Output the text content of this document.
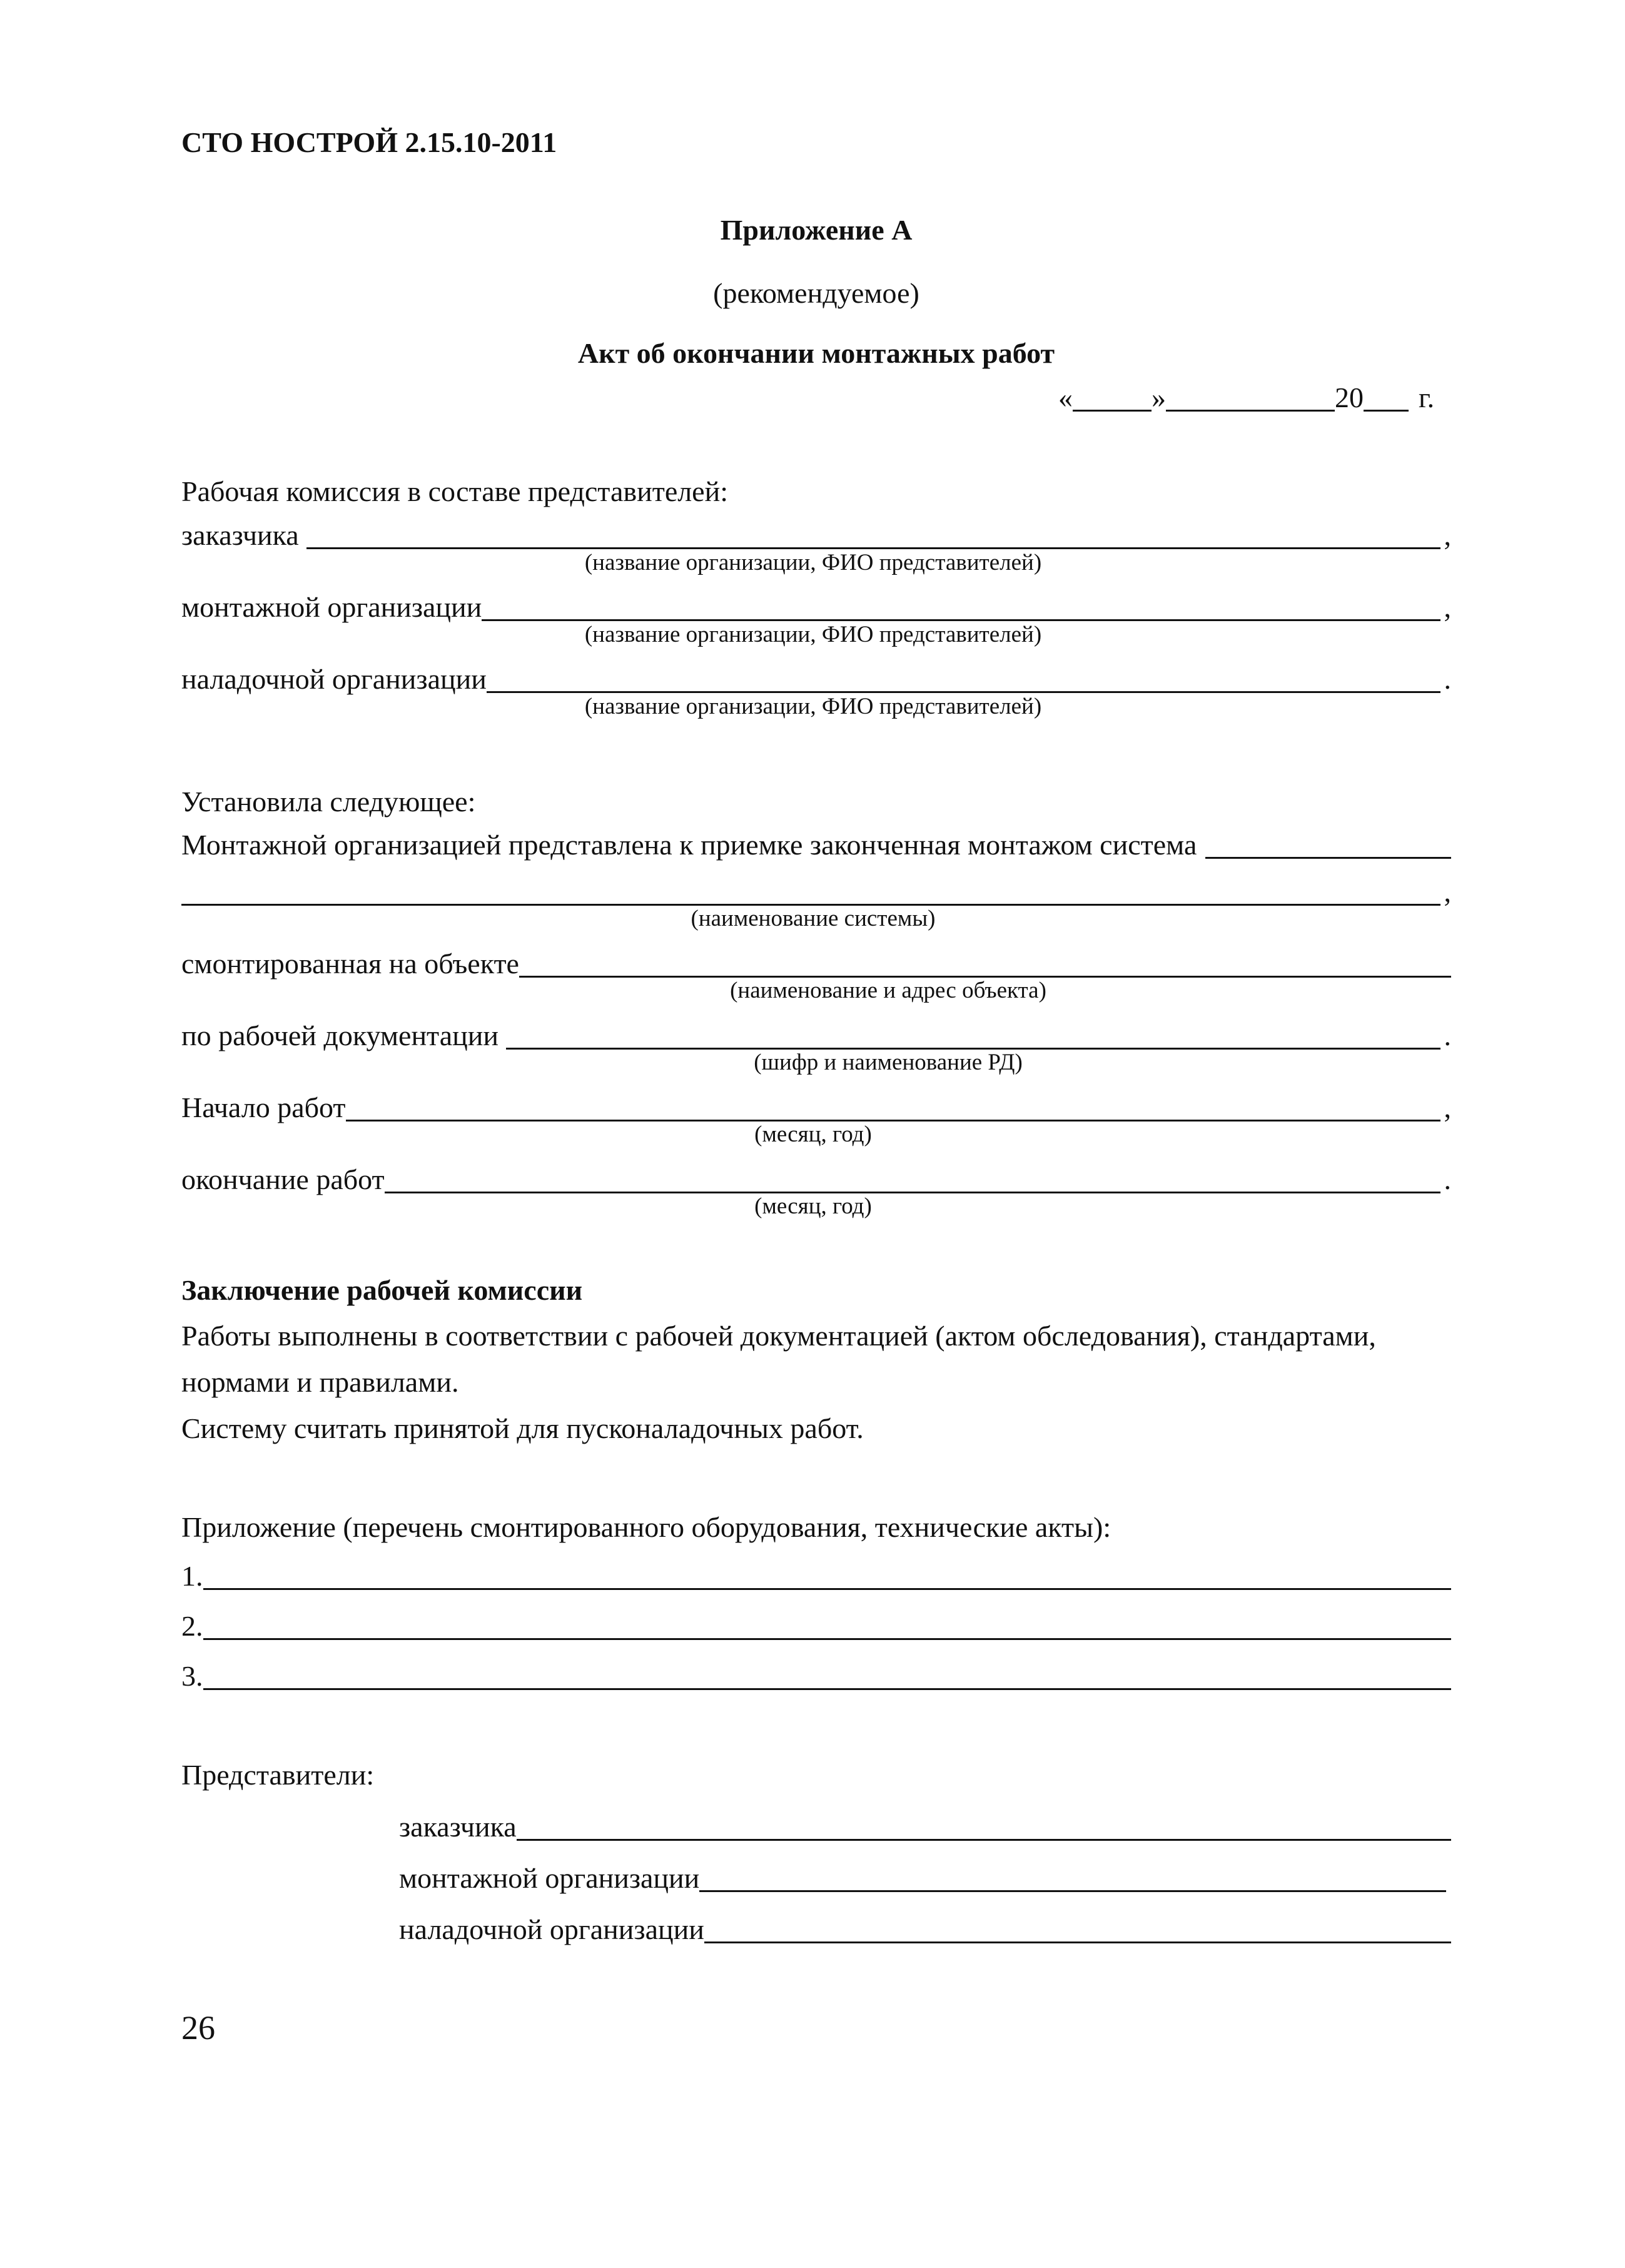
СТО НОСТРОЙ 2.15.10-2011
Приложение А
(рекомендуемое)
Акт об окончании монтажных работ
«	»	20	г.
Рабочая комиссия в составе представителей:
заказчика	,
(название организации, ФИО представителей)
монтажной организации	,
(название организации, ФИО представителей)
наладочной организации	.
(название организации, ФИО представителей)
Установила следующее:
Монтажной организацией представлена к приемке законченная монтажом система
,
(наименование системы)
смонтированная на объекте
(наименование и адрес объекта)
по рабочей документации	.
(шифр и наименование РД)
Начало работ	,
(месяц, год)
окончание работ	.
(месяц, год)
Заключение рабочей комиссии
Работы выполнены в соответствии с рабочей документацией (актом обследования), стандартами,
нормами и правилами.
Систему считать принятой для пусконаладочных работ.
Приложение (перечень смонтированного оборудования, технические акты):
1.
2.
3.
Представители:
заказчика
монтажной организации
наладочной организации
26
